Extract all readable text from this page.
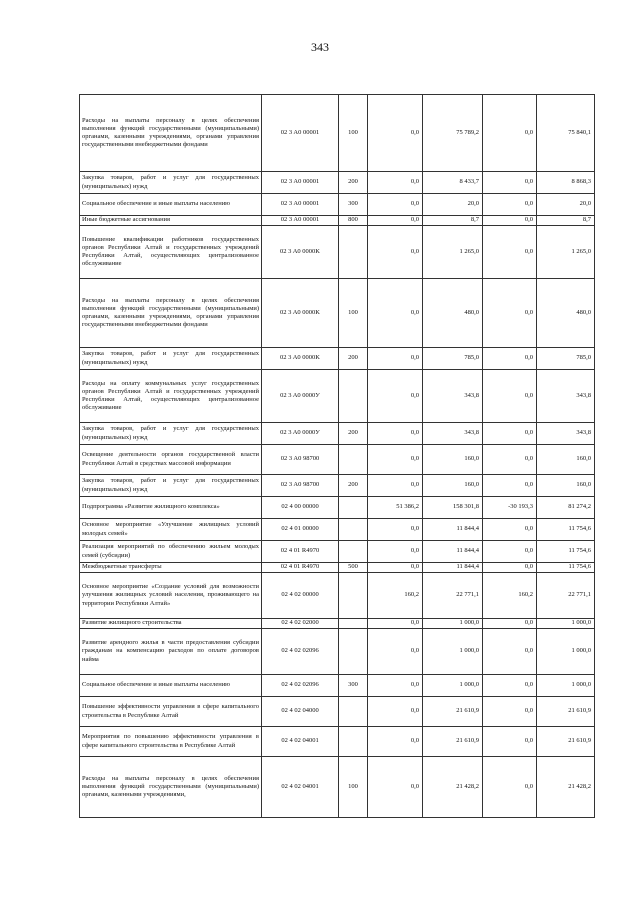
343
Расходы на выплаты персоналу в целях обеспечения выполнения функций государственными (муниципальными) органами, казенными учреждениями, органами управления государственными внебюджетными фондами	02 3 A0 00001	100	0,0	75 789,2	0,0	75 840,1
Закупка товаров, работ и услуг для государственных (муниципальных) нужд	02 3 A0 00001	200	0,0	8 433,7	0,0	8 868,3
Социальное обеспечение и иные выплаты населению	02 3 A0 00001	300	0,0	20,0	0,0	20,0
Иные бюджетные ассигнования	02 3 A0 00001	800	0,0	8,7	0,0	8,7
Повышение квалификации работников государственных органов Республики Алтай и государственных учреждений Республики Алтай, осуществляющих централизованное обслуживание	02 3 A0 0000K		0,0	1 265,0	0,0	1 265,0
Расходы на выплаты персоналу в целях обеспечения выполнения функций государственными (муниципальными) органами, казенными учреждениями, органами управления государственными внебюджетными фондами	02 3 A0 0000K	100	0,0	480,0	0,0	480,0
Закупка товаров, работ и услуг для государственных (муниципальных) нужд	02 3 A0 0000K	200	0,0	785,0	0,0	785,0
Расходы на оплату коммунальных услуг государственных органов Республики Алтай и государственных учреждений Республики Алтай, осуществляющих централизованное обслуживание	02 3 A0 0000У		0,0	343,8	0,0	343,8
Закупка товаров, работ и услуг для государственных (муниципальных) нужд	02 3 A0 0000У	200	0,0	343,8	0,0	343,8
Освещение деятельности органов государственной власти Республики Алтай в средствах массовой информации	02 3 A0 98700		0,0	160,0	0,0	160,0
Закупка товаров, работ и услуг для государственных (муниципальных) нужд	02 3 A0 98700	200	0,0	160,0	0,0	160,0
Подпрограмма «Развитие жилищного комплекса»	02 4 00 00000		51 386,2	158 301,8	-30 193,3	81 274,2
Основное мероприятие «Улучшение жилищных условий молодых семей»	02 4 01 00000		0,0	11 844,4	0,0	11 754,6
Реализация мероприятий по обеспечению жильем молодых семей (субсидии)	02 4 01 R4970		0,0	11 844,4	0,0	11 754,6
Межбюджетные трансферты	02 4 01 R4970	500	0,0	11 844,4	0,0	11 754,6
Основное мероприятие «Создание условий для возможности улучшения жилищных условий населения, проживающего на территории Республики Алтай»	02 4 02 00000		160,2	22 771,1	160,2	22 771,1
Развитие жилищного строительства	02 4 02 02000		0,0	1 000,0	0,0	1 000,0
Развитие арендного жилья в части предоставления субсидии гражданам на компенсацию расходов по оплате договоров найма	02 4 02 02096		0,0	1 000,0	0,0	1 000,0
Социальное обеспечение и иные выплаты населению	02 4 02 02096	300	0,0	1 000,0	0,0	1 000,0
Повышение эффективности управления в сфере капитального строительства в Республике Алтай	02 4 02 04000		0,0	21 610,9	0,0	21 610,9
Мероприятия по повышению эффективности управления в сфере капитального строительства в Республике Алтай	02 4 02 04001		0,0	21 610,9	0,0	21 610,9
Расходы на выплаты персоналу в целях обеспечения выполнения функций государственными (муниципальными) органами, казенными учреждениями,	02 4 02 04001	100	0,0	21 428,2	0,0	21 428,2
